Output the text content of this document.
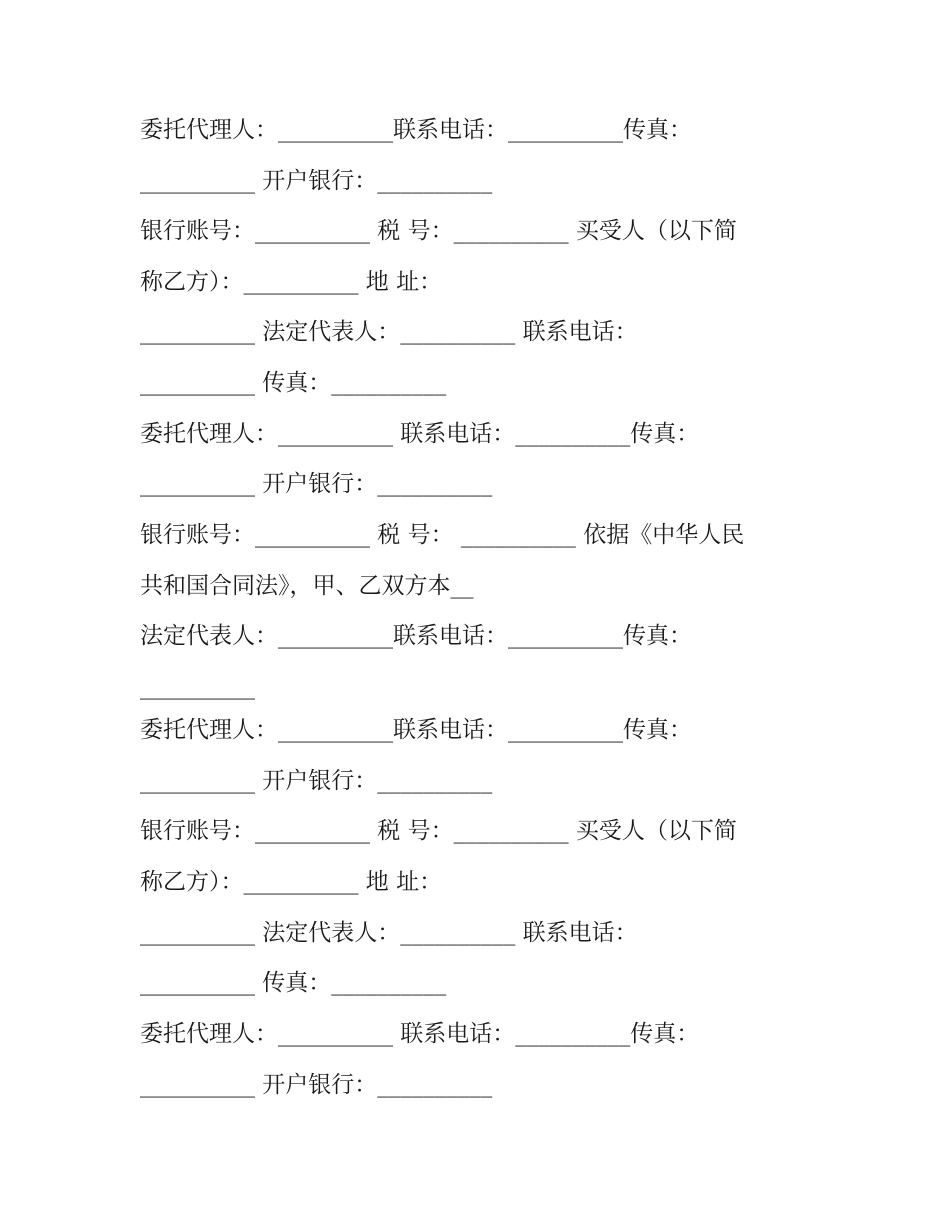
委托代理人：__________联系电话：__________传真：
__________ 开户银行：__________
银行账号：__________ 税 号：__________ 买受人（以下简
称乙方）：__________ 地 址：
__________ 法定代表人：__________ 联系电话：
__________ 传真：__________
委托代理人：__________ 联系电话：__________传真：
__________ 开户银行：__________
银行账号：__________ 税 号： __________ 依据《中华人民
共和国合同法》，甲、乙双方本__
法定代表人：__________联系电话：__________传真：
__________
委托代理人：__________联系电话：__________传真：
__________ 开户银行：__________
银行账号：__________ 税 号：__________ 买受人（以下简
称乙方）：__________ 地 址：
__________ 法定代表人：__________ 联系电话：
__________ 传真：__________
委托代理人：__________ 联系电话：__________传真：
__________ 开户银行：__________
